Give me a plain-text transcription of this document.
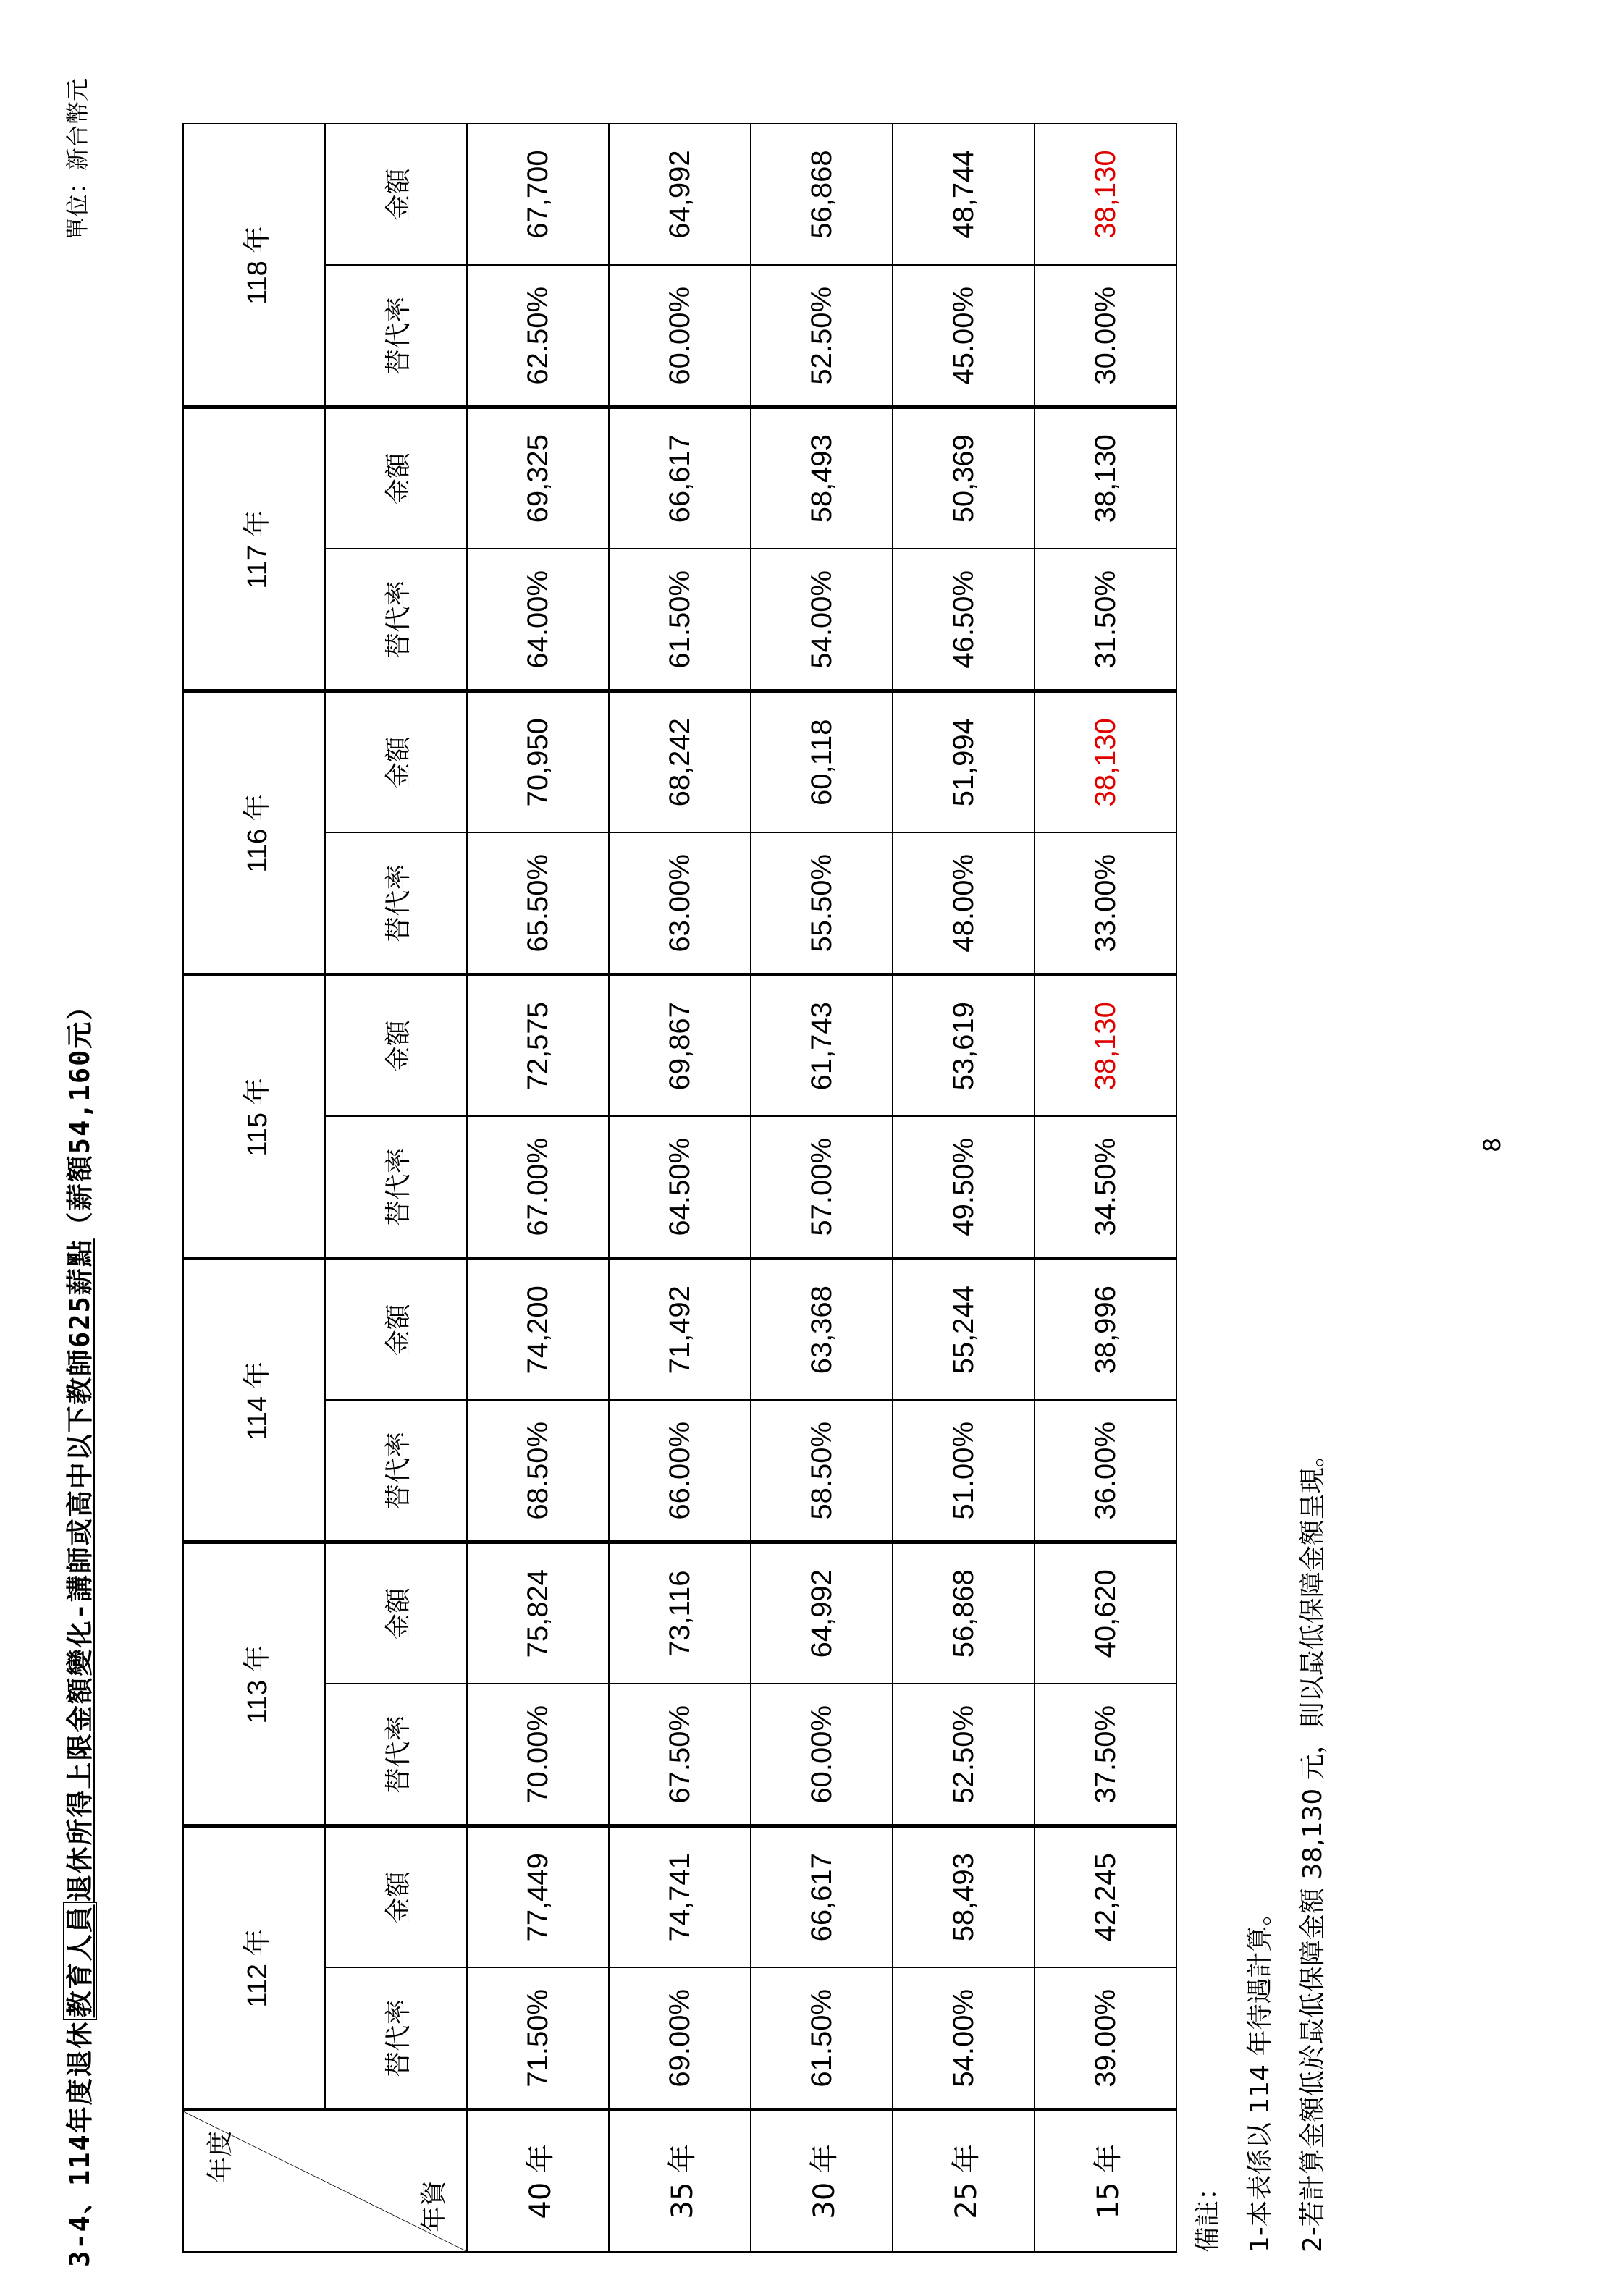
3-4、114年度退休教育人員退休所得上限金額變化-講師或高中以下教師625薪點（薪額54,160元）
單位：新台幣元
年度
年資	112 年		113 年		114 年		115 年		116 年		117 年		118 年	
	替代率	金額	替代率	金額	替代率	金額	替代率	金額	替代率	金額	替代率	金額	替代率	金額
40 年	71.50%	77,449	70.00%	75,824	68.50%	74,200	67.00%	72,575	65.50%	70,950	64.00%	69,325	62.50%	67,700
35 年	69.00%	74,741	67.50%	73,116	66.00%	71,492	64.50%	69,867	63.00%	68,242	61.50%	66,617	60.00%	64,992
30 年	61.50%	66,617	60.00%	64,992	58.50%	63,368	57.00%	61,743	55.50%	60,118	54.00%	58,493	52.50%	56,868
25 年	54.00%	58,493	52.50%	56,868	51.00%	55,244	49.50%	53,619	48.00%	51,994	46.50%	50,369	45.00%	48,744
15 年	39.00%	42,245	37.50%	40,620	36.00%	38,996	34.50%	38,130	33.00%	38,130	31.50%	38,130	30.00%	38,130
備註： 1-本表係以 114 年待遇計算。 2-若計算金額低於最低保障金額 38,130 元，則以最低保障金額呈現。
8
